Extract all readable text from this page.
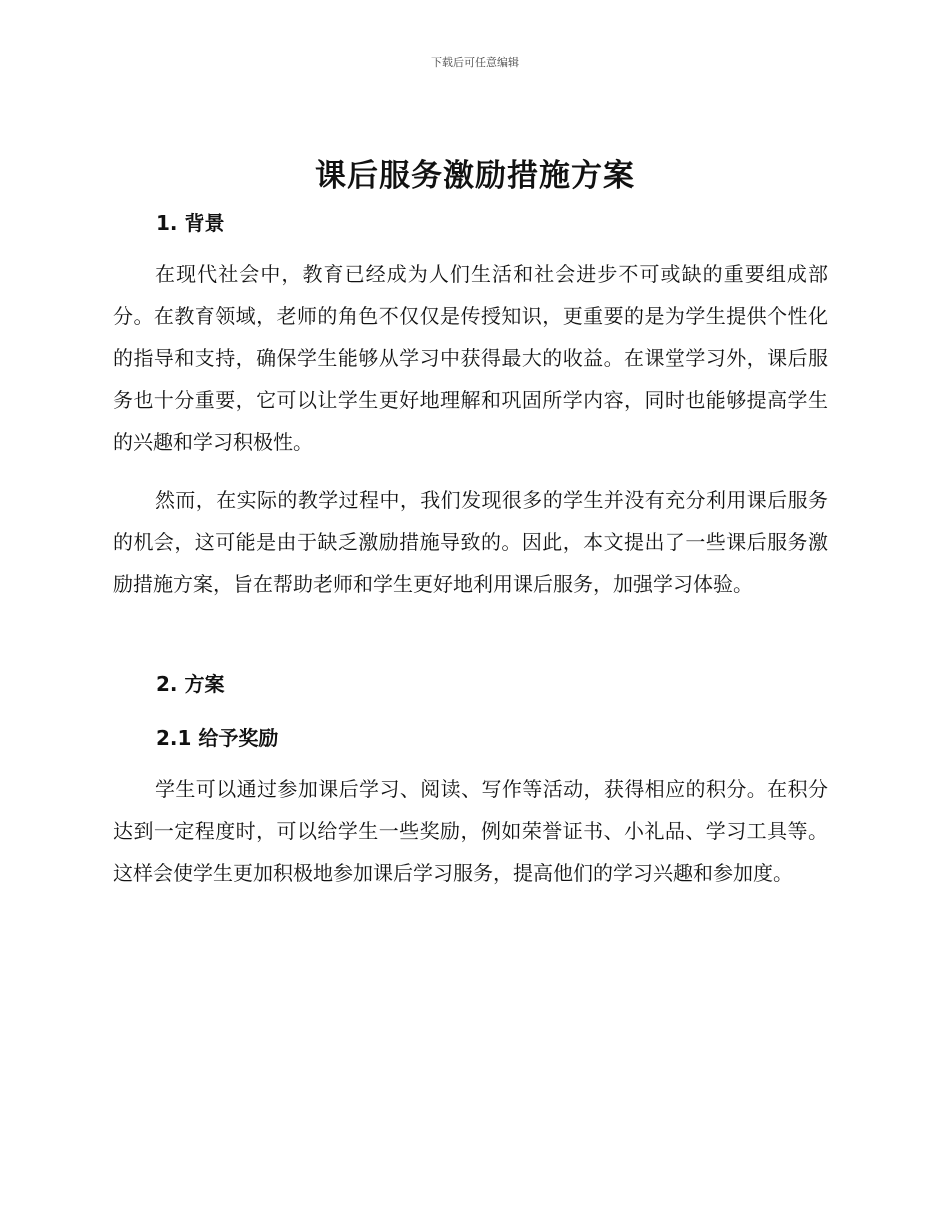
下载后可任意编辑
课后服务激励措施方案
1. 背景

在现代社会中，教育已经成为人们生活和社会进步不可或缺的重要组成部分。在教育领域，老师的角色不仅仅是传授知识，更重要的是为学生提供个性化的指导和支持，确保学生能够从学习中获得最大的收益。在课堂学习外，课后服务也十分重要，它可以让学生更好地理解和巩固所学内容，同时也能够提高学生的兴趣和学习积极性。

然而，在实际的教学过程中，我们发现很多的学生并没有充分利用课后服务的机会，这可能是由于缺乏激励措施导致的。因此，本文提出了一些课后服务激励措施方案，旨在帮助老师和学生更好地利用课后服务，加强学习体验。

2. 方案
2.1 给予奖励

学生可以通过参加课后学习、阅读、写作等活动，获得相应的积分。在积分达到一定程度时，可以给学生一些奖励，例如荣誉证书、小礼品、学习工具等。这样会使学生更加积极地参加课后学习服务，提高他们的学习兴趣和参加度。
